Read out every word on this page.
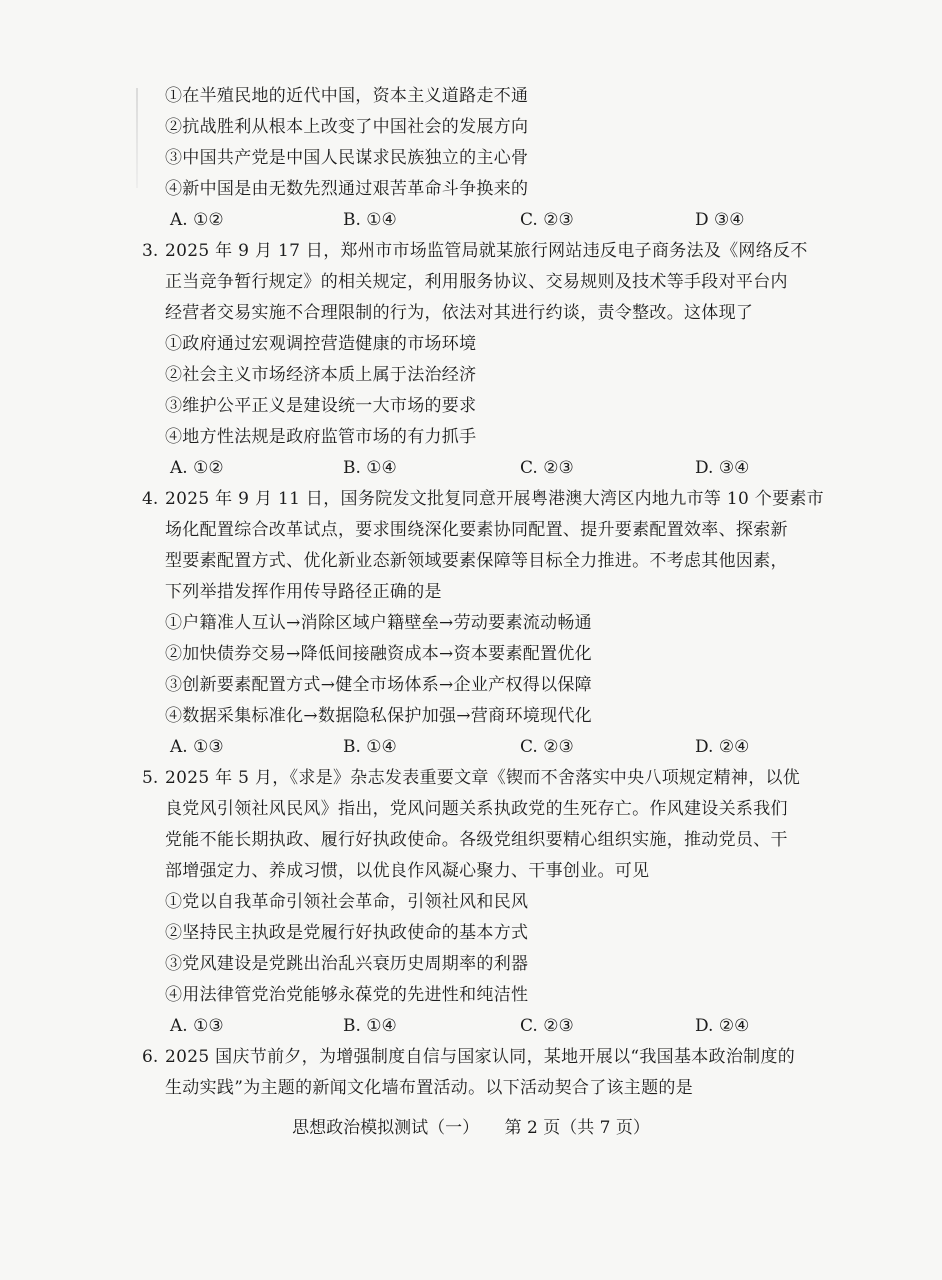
①在半殖民地的近代中国，资本主义道路走不通
②抗战胜利从根本上改变了中国社会的发展方向
③中国共产党是中国人民谋求民族独立的主心骨
④新中国是由无数先烈通过艰苦革命斗争换来的
A. ①②	B. ①④	C. ②③	D ③④
3. 2025 年 9 月 17 日，郑州市市场监管局就某旅行网站违反电子商务法及《网络反不
正当竞争暂行规定》的相关规定，利用服务协议、交易规则及技术等手段对平台内
经营者交易实施不合理限制的行为，依法对其进行约谈，责令整改。这体现了
①政府通过宏观调控营造健康的市场环境
②社会主义市场经济本质上属于法治经济
③维护公平正义是建设统一大市场的要求
④地方性法规是政府监管市场的有力抓手
A. ①②	B. ①④	C. ②③	D. ③④
4. 2025 年 9 月 11 日，国务院发文批复同意开展粤港澳大湾区内地九市等 10 个要素市
场化配置综合改革试点，要求围绕深化要素协同配置、提升要素配置效率、探索新
型要素配置方式、优化新业态新领域要素保障等目标全力推进。不考虑其他因素，
下列举措发挥作用传导路径正确的是
①户籍准人互认→消除区域户籍壁垒→劳动要素流动畅通
②加快债券交易→降低间接融资成本→资本要素配置优化
③创新要素配置方式→健全市场体系→企业产权得以保障
④数据采集标准化→数据隐私保护加强→营商环境现代化
A. ①③	B. ①④	C. ②③	D. ②④
5. 2025 年 5 月，《求是》杂志发表重要文章《锲而不舍落实中央八项规定精神，以优
良党风引领社风民风》指出，党风问题关系执政党的生死存亡。作风建设关系我们
党能不能长期执政、履行好执政使命。各级党组织要精心组织实施，推动党员、干
部增强定力、养成习惯，以优良作风凝心聚力、干事创业。可见
①党以自我革命引领社会革命，引领社风和民风
②坚持民主执政是党履行好执政使命的基本方式
③党风建设是党跳出治乱兴衰历史周期率的利器
④用法律管党治党能够永葆党的先进性和纯洁性
A. ①③	B. ①④	C. ②③	D. ②④
6. 2025 国庆节前夕，为增强制度自信与国家认同，某地开展以“我国基本政治制度的
生动实践”为主题的新闻文化墙布置活动。以下活动契合了该主题的是
思想政治模拟测试（一） 第 2 页（共 7 页）
